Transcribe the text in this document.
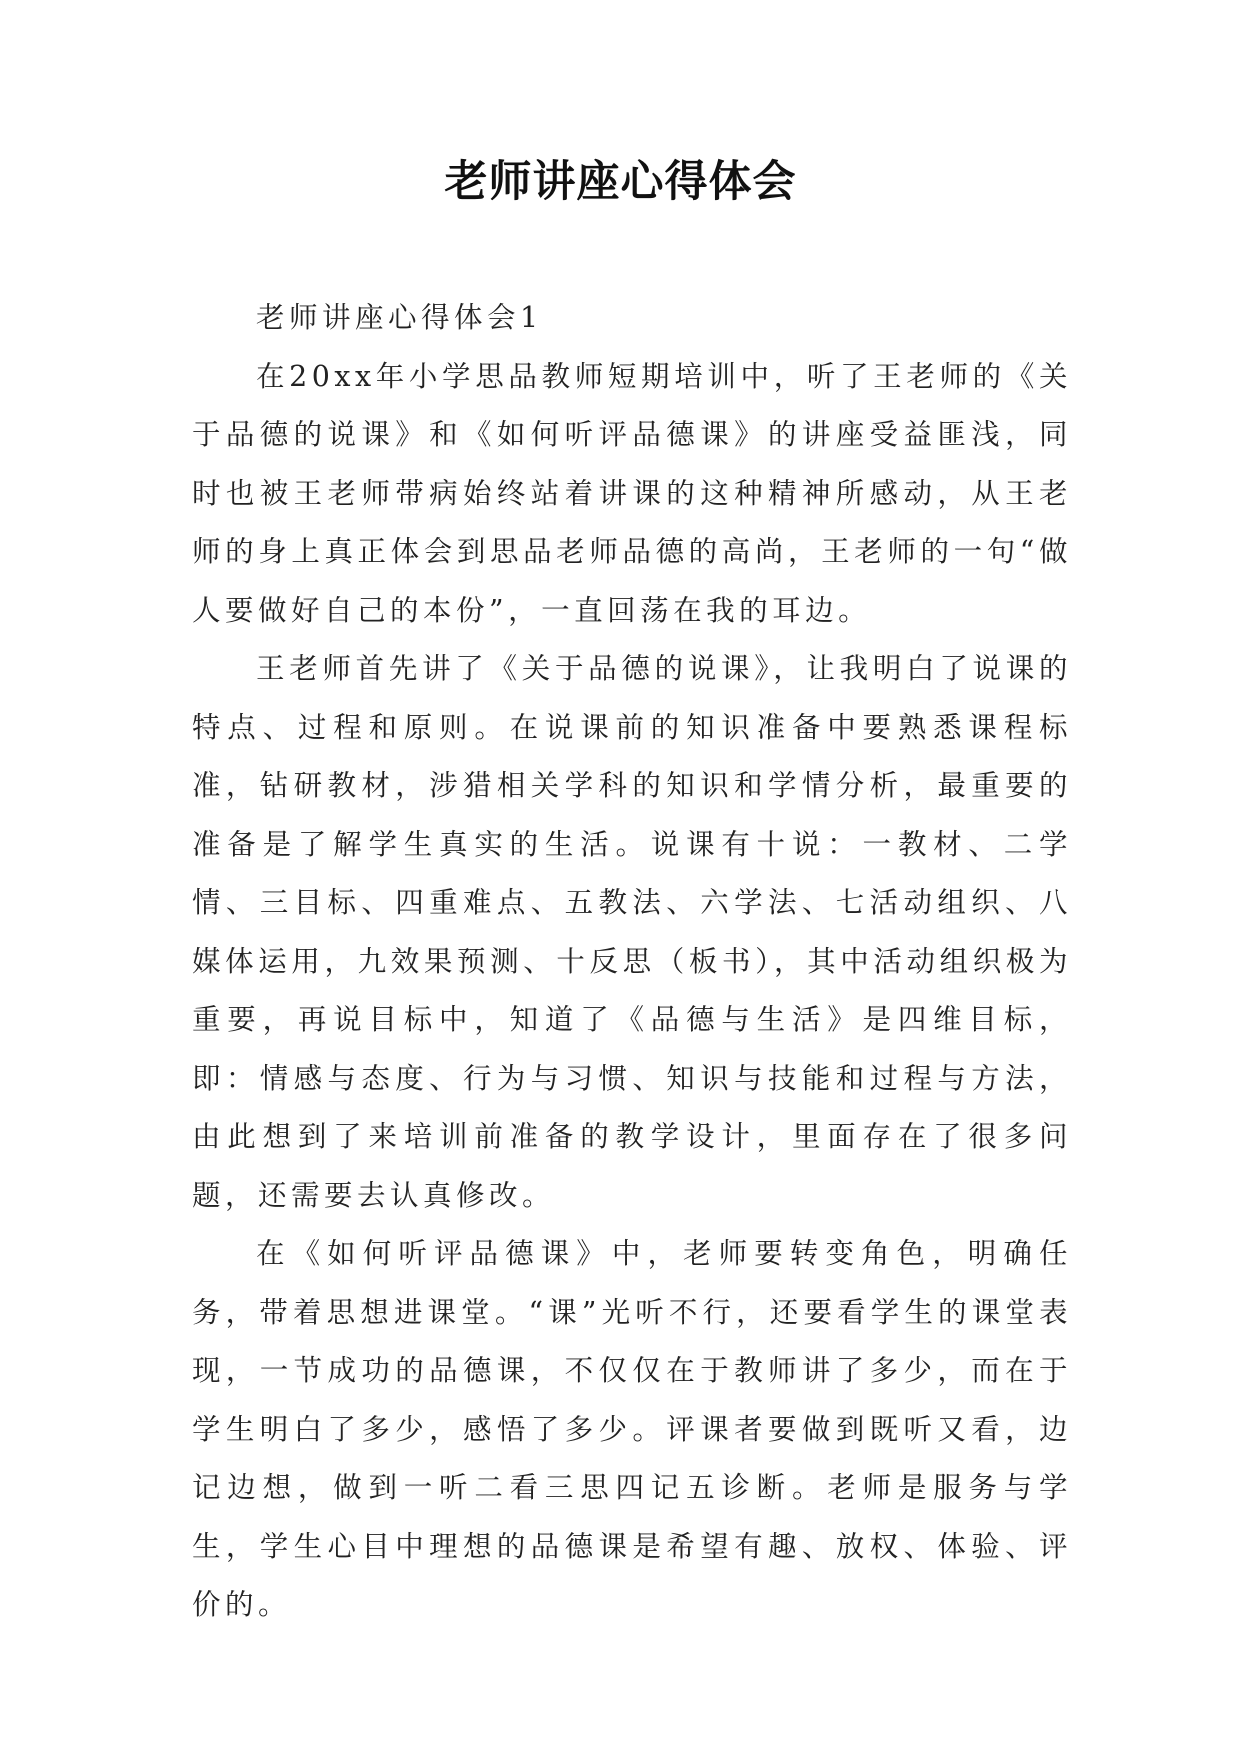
老师讲座心得体会

老师讲座心得体会1

在20xx年小学思品教师短期培训中，听了王老师的《关于品德的说课》和《如何听评品德课》的讲座受益匪浅，同时也被王老师带病始终站着讲课的这种精神所感动，从王老师的身上真正体会到思品老师品德的高尚，王老师的一句“做人要做好自己的本份”，一直回荡在我的耳边。

王老师首先讲了《关于品德的说课》，让我明白了说课的特点、过程和原则。在说课前的知识准备中要熟悉课程标准，钻研教材，涉猎相关学科的知识和学情分析，最重要的准备是了解学生真实的生活。说课有十说：一教材、二学情、三目标、四重难点、五教法、六学法、七活动组织、八媒体运用，九效果预测、十反思（板书），其中活动组织极为重要，再说目标中，知道了《品德与生活》是四维目标，即：情感与态度、行为与习惯、知识与技能和过程与方法，由此想到了来培训前准备的教学设计，里面存在了很多问题，还需要去认真修改。

在《如何听评品德课》中，老师要转变角色，明确任务，带着思想进课堂。“课”光听不行，还要看学生的课堂表现，一节成功的品德课，不仅仅在于教师讲了多少，而在于学生明白了多少，感悟了多少。评课者要做到既听又看，边记边想，做到一听二看三思四记五诊断。老师是服务与学生，学生心目中理想的品德课是希望有趣、放权、体验、评价的。
